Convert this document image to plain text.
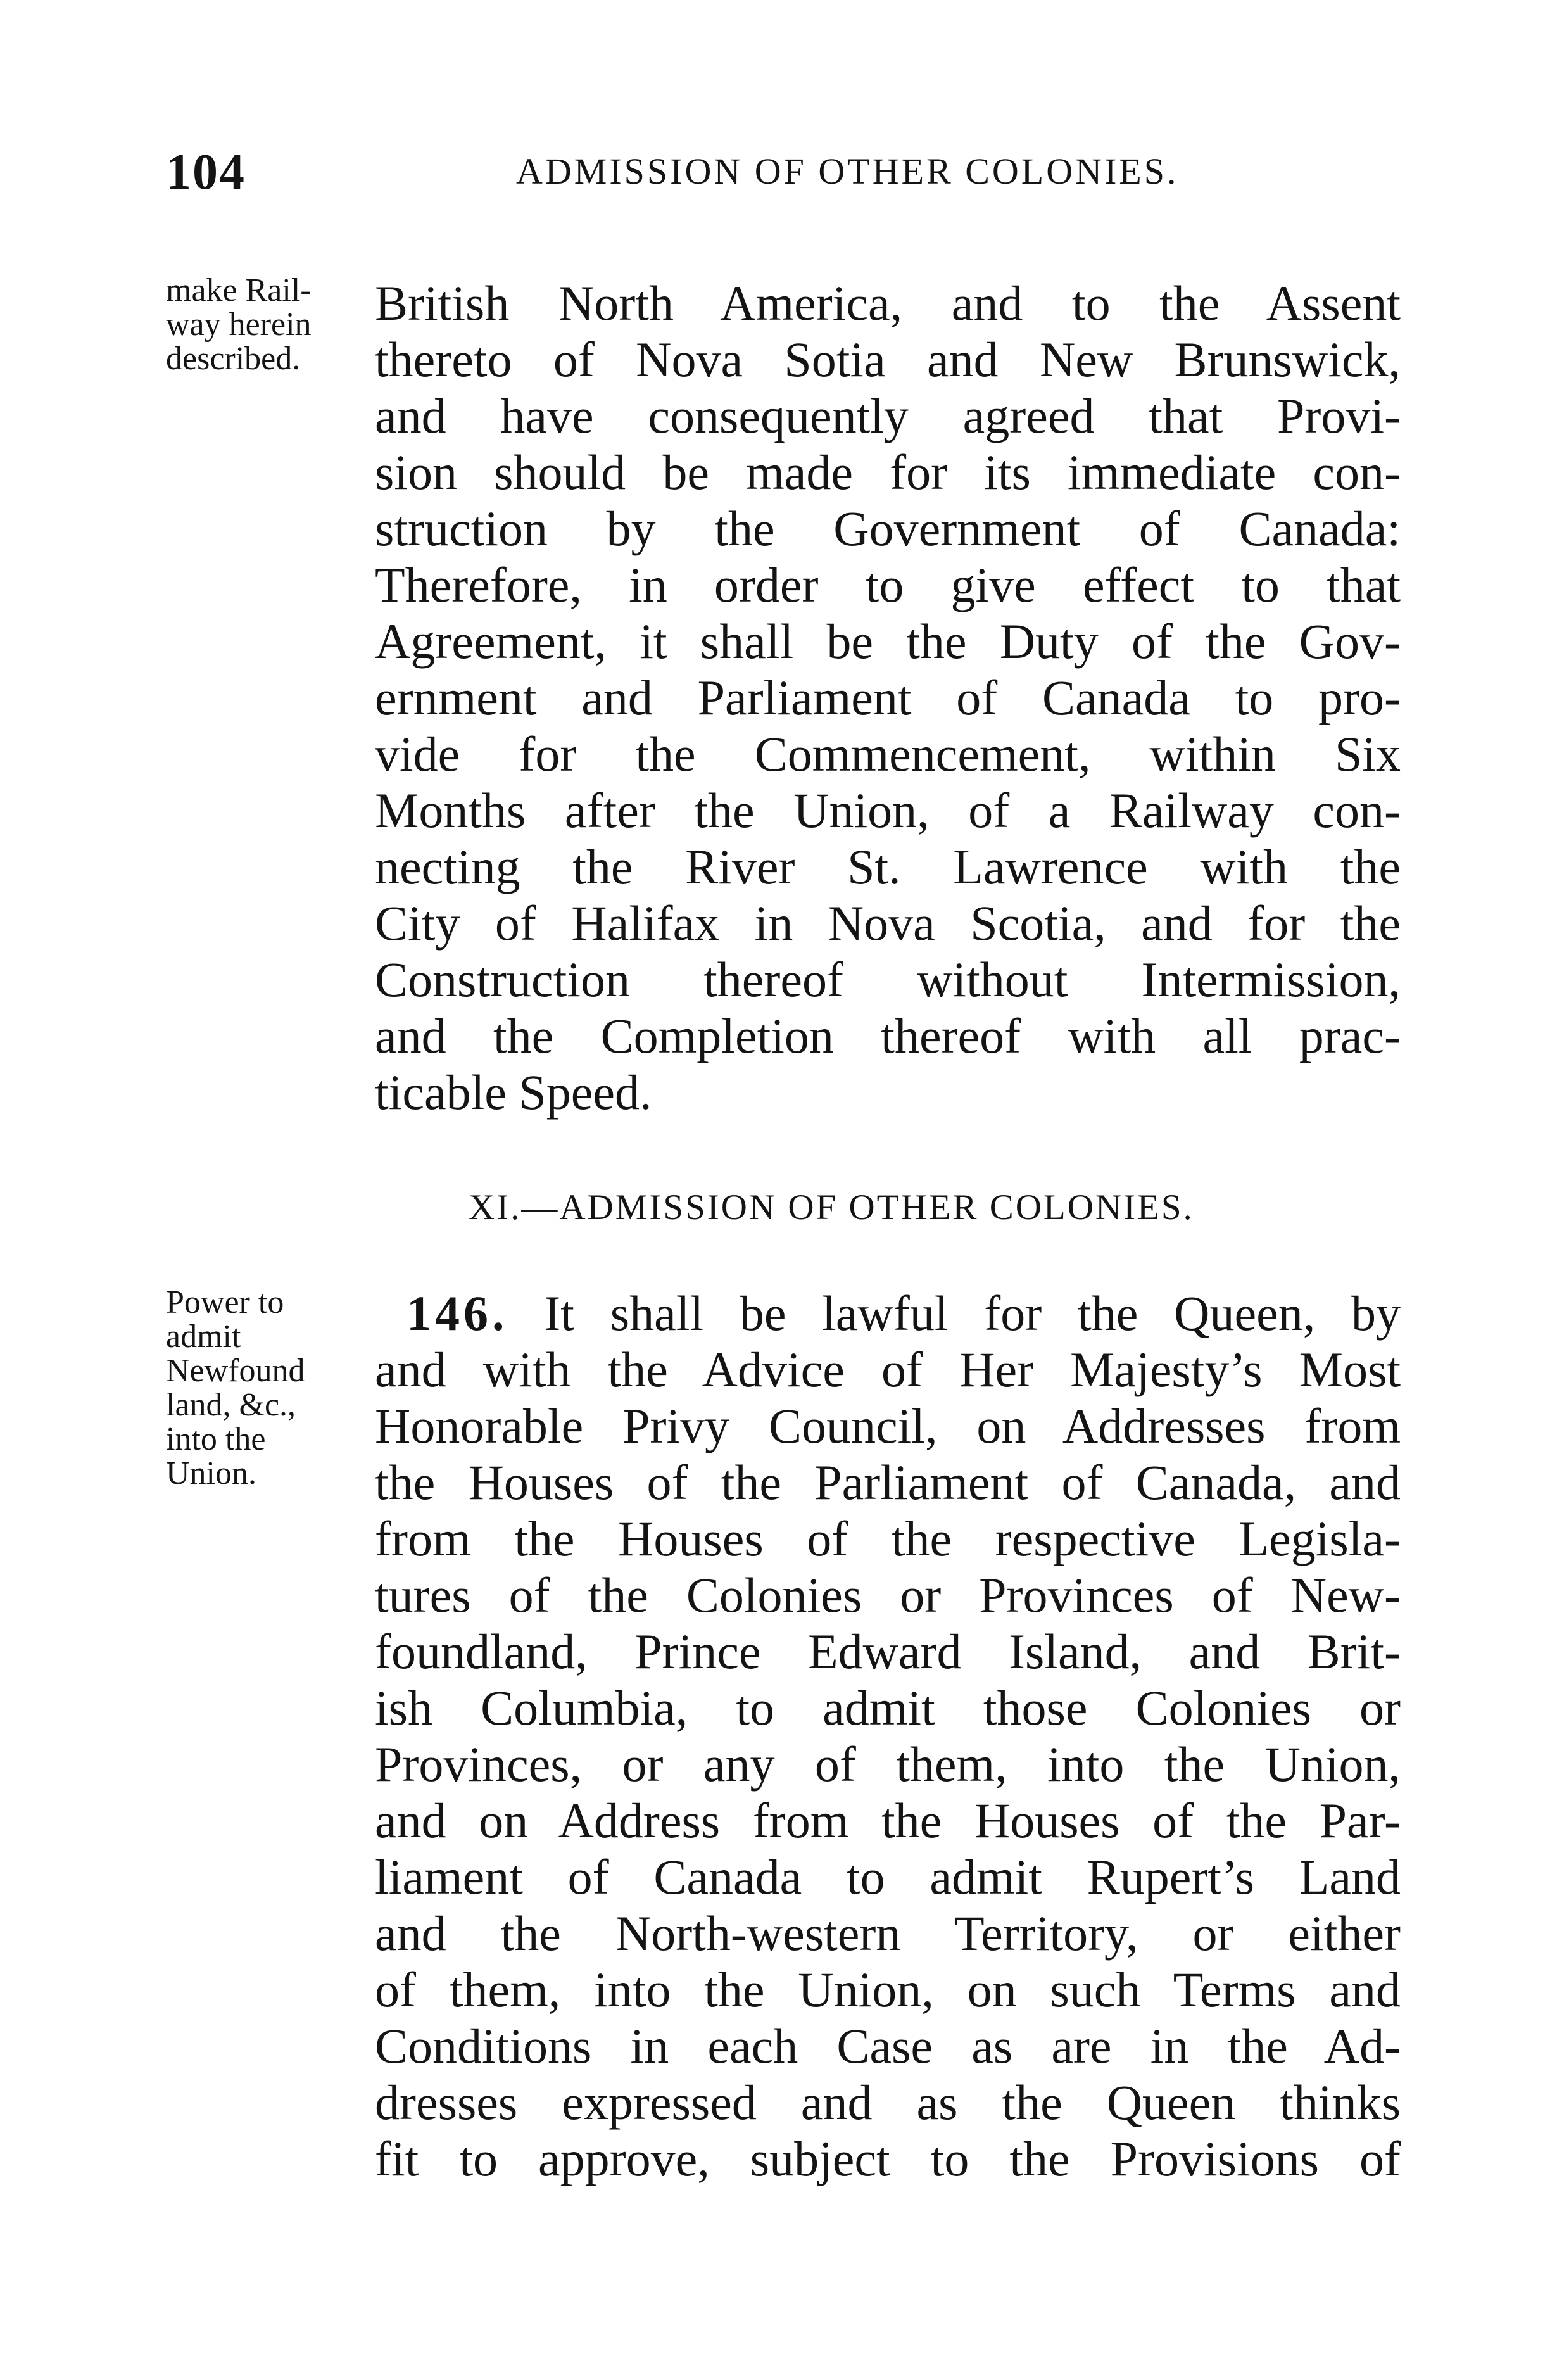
104	ADMISSION OF OTHER COLONIES.
make Rail-
way herein
described.
British North America, and to the Assent
thereto of Nova Sotia and New Brunswick,
and have consequently agreed that Provi-
sion should be made for its immediate con-
struction by the Government of Canada:
Therefore, in order to give effect to that
Agreement, it shall be the Duty of the Gov-
ernment and Parliament of Canada to pro-
vide for the Commencement, within Six
Months after the Union, of a Railway con-
necting the River St. Lawrence with the
City of Halifax in Nova Scotia, and for the
Construction thereof without Intermission,
and the Completion thereof with all prac-
ticable Speed.
XI.—ADMISSION OF OTHER COLONIES.
Power to
admit
Newfound
land, &c.,
into the
Union.
146. It shall be lawful for the Queen, by
and with the Advice of Her Majesty’s Most
Honorable Privy Council, on Addresses from
the Houses of the Parliament of Canada, and
from the Houses of the respective Legisla-
tures of the Colonies or Provinces of New-
foundland, Prince Edward Island, and Brit-
ish Columbia, to admit those Colonies or
Provinces, or any of them, into the Union,
and on Address from the Houses of the Par-
liament of Canada to admit Rupert’s Land
and the North-western Territory, or either
of them, into the Union, on such Terms and
Conditions in each Case as are in the Ad-
dresses expressed and as the Queen thinks
fit to approve, subject to the Provisions of
